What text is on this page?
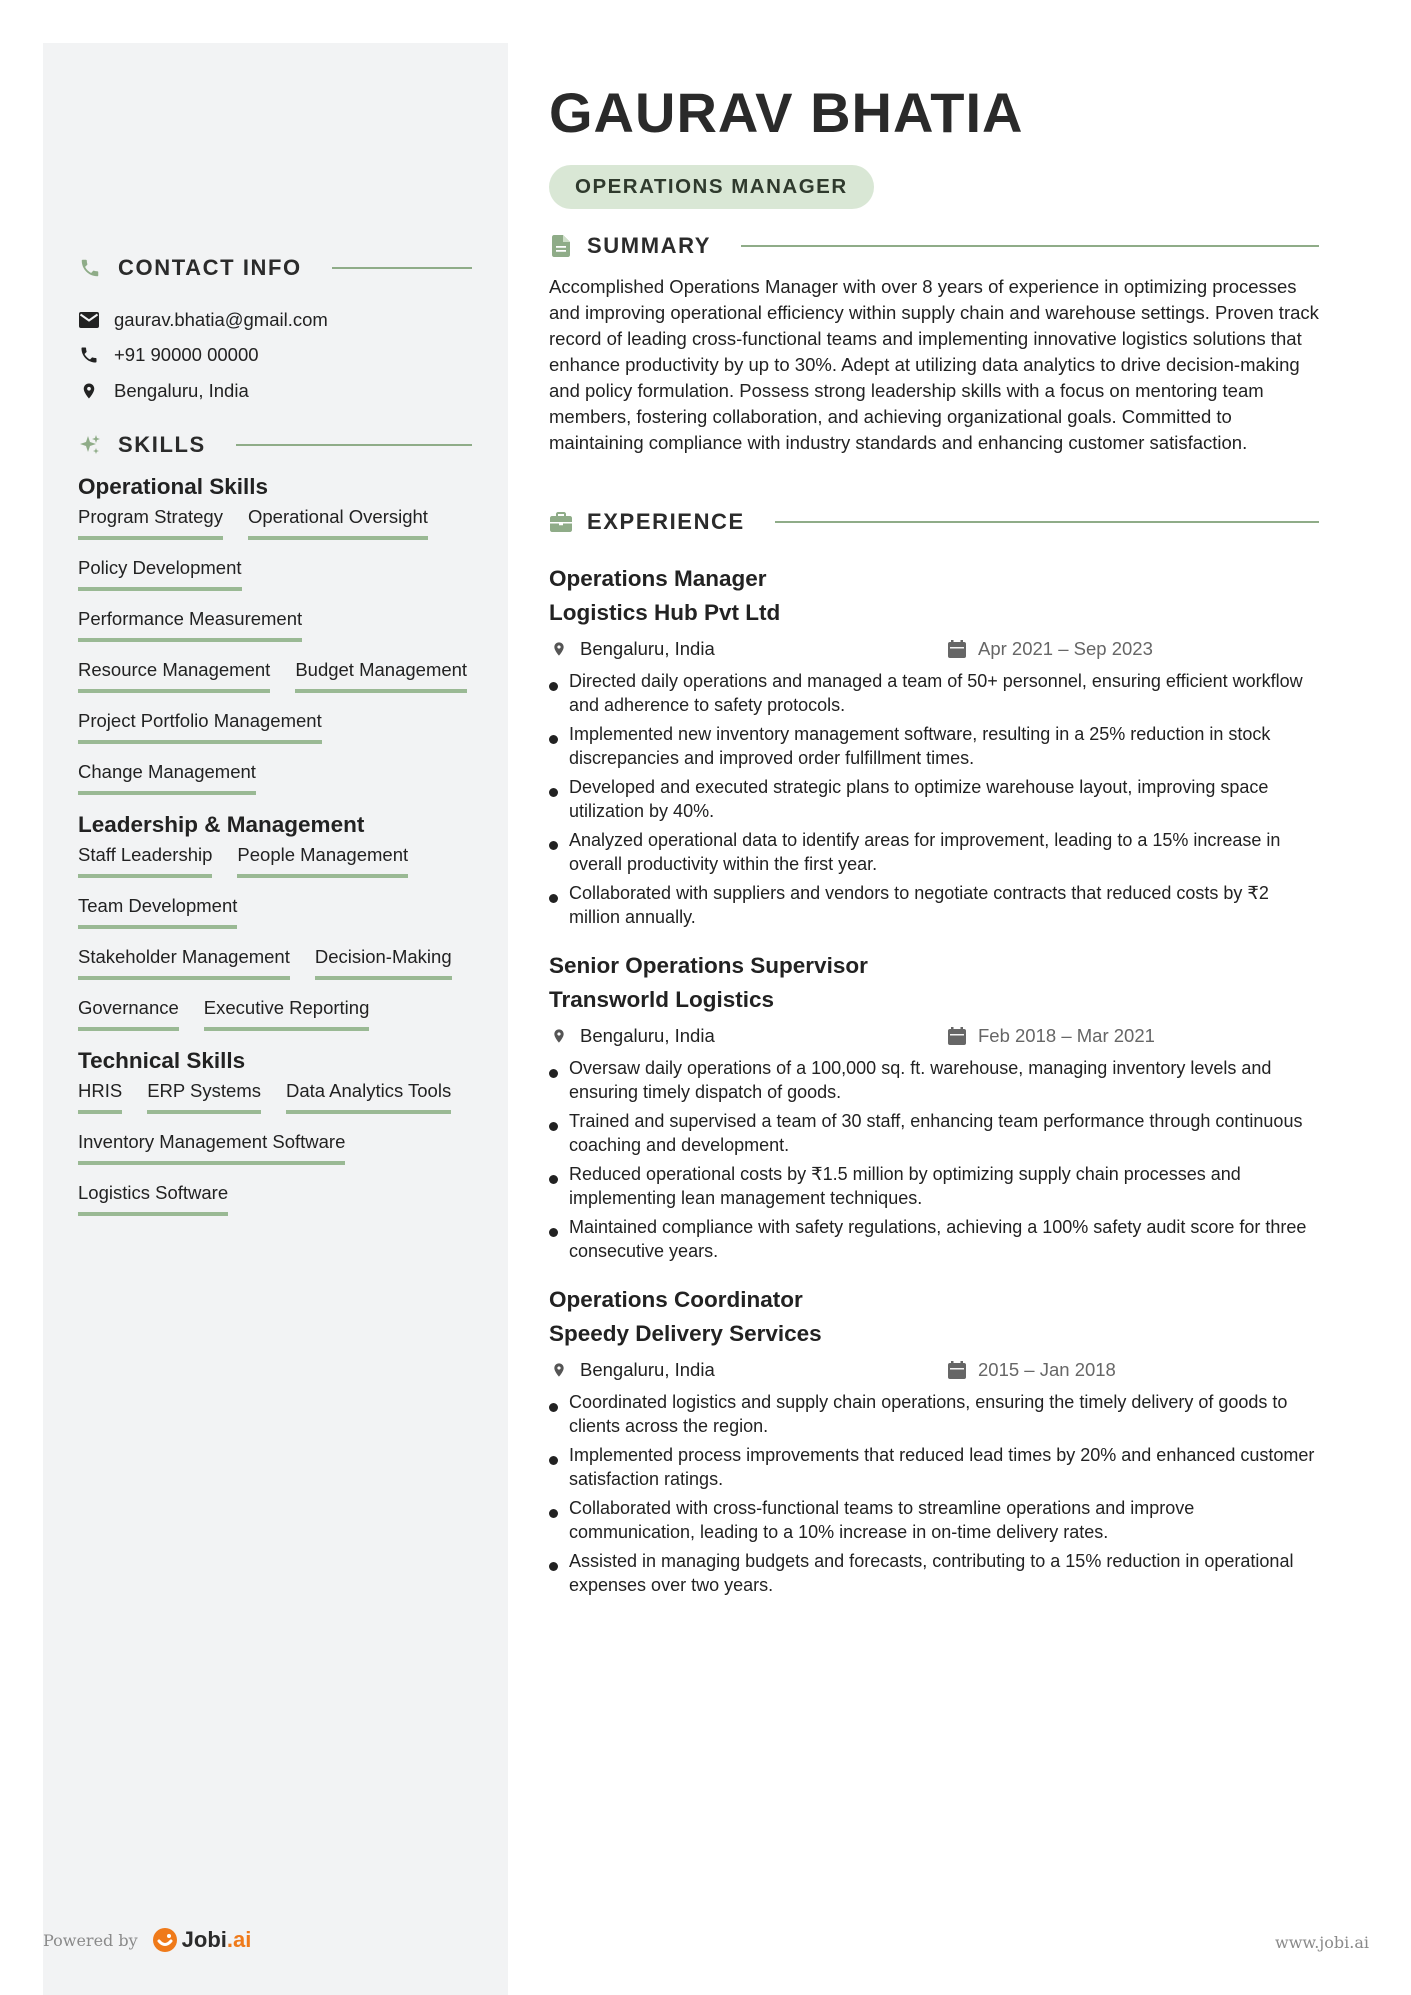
CONTACT INFO
gaurav.bhatia@gmail.com
+91 90000 00000
Bengaluru, India
SKILLS
Operational Skills
Program Strategy Operational Oversight
Policy Development
Performance Measurement
Resource Management Budget Management
Project Portfolio Management
Change Management
Leadership & Management
Staff Leadership People Management
Team Development
Stakeholder Management Decision-Making
Governance Executive Reporting
Technical Skills
HRIS ERP Systems Data Analytics Tools
Inventory Management Software
Logistics Software
GAURAV BHATIA
OPERATIONS MANAGER
SUMMARY
Accomplished Operations Manager with over 8 years of experience in optimizing processes and improving operational efficiency within supply chain and warehouse settings. Proven track record of leading cross-functional teams and implementing innovative logistics solutions that enhance productivity by up to 30%. Adept at utilizing data analytics to drive decision-making and policy formulation. Possess strong leadership skills with a focus on mentoring team members, fostering collaboration, and achieving organizational goals. Committed to maintaining compliance with industry standards and enhancing customer satisfaction.
EXPERIENCE
Operations Manager
Logistics Hub Pvt Ltd
Bengaluru, India	Apr 2021 – Sep 2023
Directed daily operations and managed a team of 50+ personnel, ensuring efficient workflow and adherence to safety protocols.
Implemented new inventory management software, resulting in a 25% reduction in stock discrepancies and improved order fulfillment times.
Developed and executed strategic plans to optimize warehouse layout, improving space utilization by 40%.
Analyzed operational data to identify areas for improvement, leading to a 15% increase in overall productivity within the first year.
Collaborated with suppliers and vendors to negotiate contracts that reduced costs by ₹2 million annually.
Senior Operations Supervisor
Transworld Logistics
Bengaluru, India	Feb 2018 – Mar 2021
Oversaw daily operations of a 100,000 sq. ft. warehouse, managing inventory levels and ensuring timely dispatch of goods.
Trained and supervised a team of 30 staff, enhancing team performance through continuous coaching and development.
Reduced operational costs by ₹1.5 million by optimizing supply chain processes and implementing lean management techniques.
Maintained compliance with safety regulations, achieving a 100% safety audit score for three consecutive years.
Operations Coordinator
Speedy Delivery Services
Bengaluru, India	2015 – Jan 2018
Coordinated logistics and supply chain operations, ensuring the timely delivery of goods to clients across the region.
Implemented process improvements that reduced lead times by 20% and enhanced customer satisfaction ratings.
Collaborated with cross-functional teams to streamline operations and improve communication, leading to a 10% increase in on-time delivery rates.
Assisted in managing budgets and forecasts, contributing to a 15% reduction in operational expenses over two years.
Powered by Jobi .ai	www.jobi.ai
